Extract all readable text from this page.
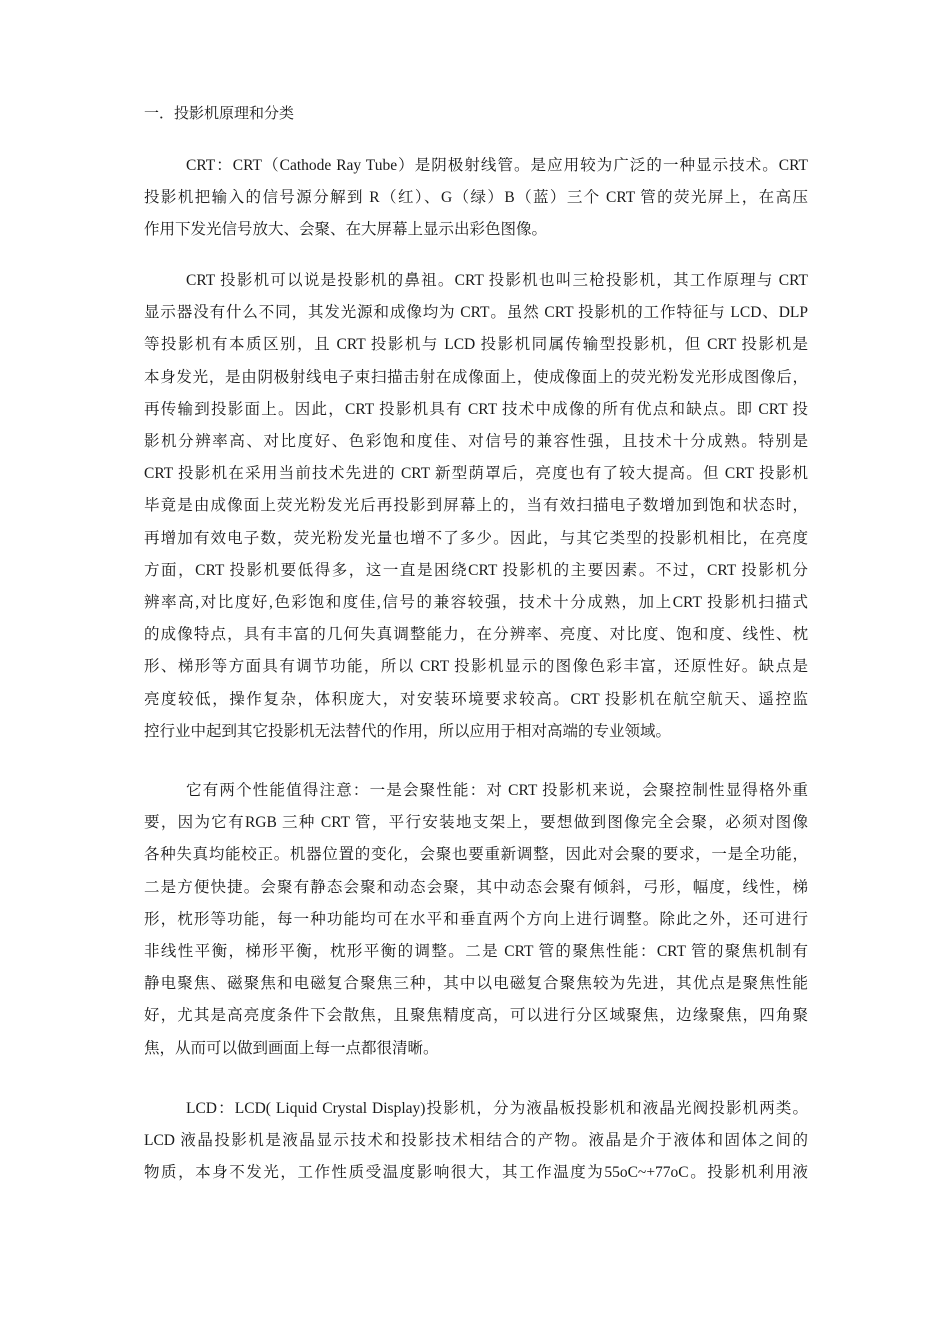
一．投影机原理和分类

CRT：CRT（Cathode Ray Tube）是阴极射线管。是应用较为广泛的一种显示技术。CRT
投影机把输入的信号源分解到 R（红）、G（绿）B（蓝）三个 CRT 管的荧光屏上，在高压
作用下发光信号放大、会聚、在大屏幕上显示出彩色图像。

CRT 投影机可以说是投影机的鼻祖。CRT 投影机也叫三枪投影机，其工作原理与 CRT
显示器没有什么不同，其发光源和成像均为 CRT。虽然 CRT 投影机的工作特征与 LCD、DLP
等投影机有本质区别，且 CRT 投影机与 LCD 投影机同属传输型投影机，但 CRT 投影机是
本身发光，是由阴极射线电子束扫描击射在成像面上，使成像面上的荧光粉发光形成图像后，
再传输到投影面上。因此，CRT 投影机具有 CRT 技术中成像的所有优点和缺点。即 CRT 投
影机分辨率高、对比度好、色彩饱和度佳、对信号的兼容性强，且技术十分成熟。特别是
CRT 投影机在采用当前技术先进的 CRT 新型荫罩后，亮度也有了较大提高。但 CRT 投影机
毕竟是由成像面上荧光粉发光后再投影到屏幕上的，当有效扫描电子数增加到饱和状态时，
再增加有效电子数，荧光粉发光量也增不了多少。因此，与其它类型的投影机相比，在亮度
方面，CRT 投影机要低得多，这一直是困绕CRT 投影机的主要因素。不过，CRT 投影机分
辨率高,对比度好,色彩饱和度佳,信号的兼容较强，技术十分成熟，加上CRT 投影机扫描式
的成像特点，具有丰富的几何失真调整能力，在分辨率、亮度、对比度、饱和度、线性、枕
形、梯形等方面具有调节功能，所以 CRT 投影机显示的图像色彩丰富，还原性好。缺点是
亮度较低，操作复杂，体积庞大，对安装环境要求较高。CRT 投影机在航空航天、遥控监
控行业中起到其它投影机无法替代的作用，所以应用于相对高端的专业领域。

它有两个性能值得注意：一是会聚性能：对 CRT 投影机来说，会聚控制性显得格外重
要，因为它有RGB 三种 CRT 管，平行安装地支架上，要想做到图像完全会聚，必须对图像
各种失真均能校正。机器位置的变化，会聚也要重新调整，因此对会聚的要求，一是全功能，
二是方便快捷。会聚有静态会聚和动态会聚，其中动态会聚有倾斜，弓形，幅度，线性，梯
形，枕形等功能，每一种功能均可在水平和垂直两个方向上进行调整。除此之外，还可进行
非线性平衡，梯形平衡，枕形平衡的调整。二是 CRT 管的聚焦性能：CRT 管的聚焦机制有
静电聚焦、磁聚焦和电磁复合聚焦三种，其中以电磁复合聚焦较为先进，其优点是聚焦性能
好，尤其是高亮度条件下会散焦，且聚焦精度高，可以进行分区域聚焦，边缘聚焦，四角聚
焦，从而可以做到画面上每一点都很清晰。

LCD：LCD( Liquid Crystal Display)投影机，分为液晶板投影机和液晶光阀投影机两类。
LCD 液晶投影机是液晶显示技术和投影技术相结合的产物。液晶是介于液体和固体之间的
物质，本身不发光，工作性质受温度影响很大，其工作温度为55oC~+77oC。投影机利用液
